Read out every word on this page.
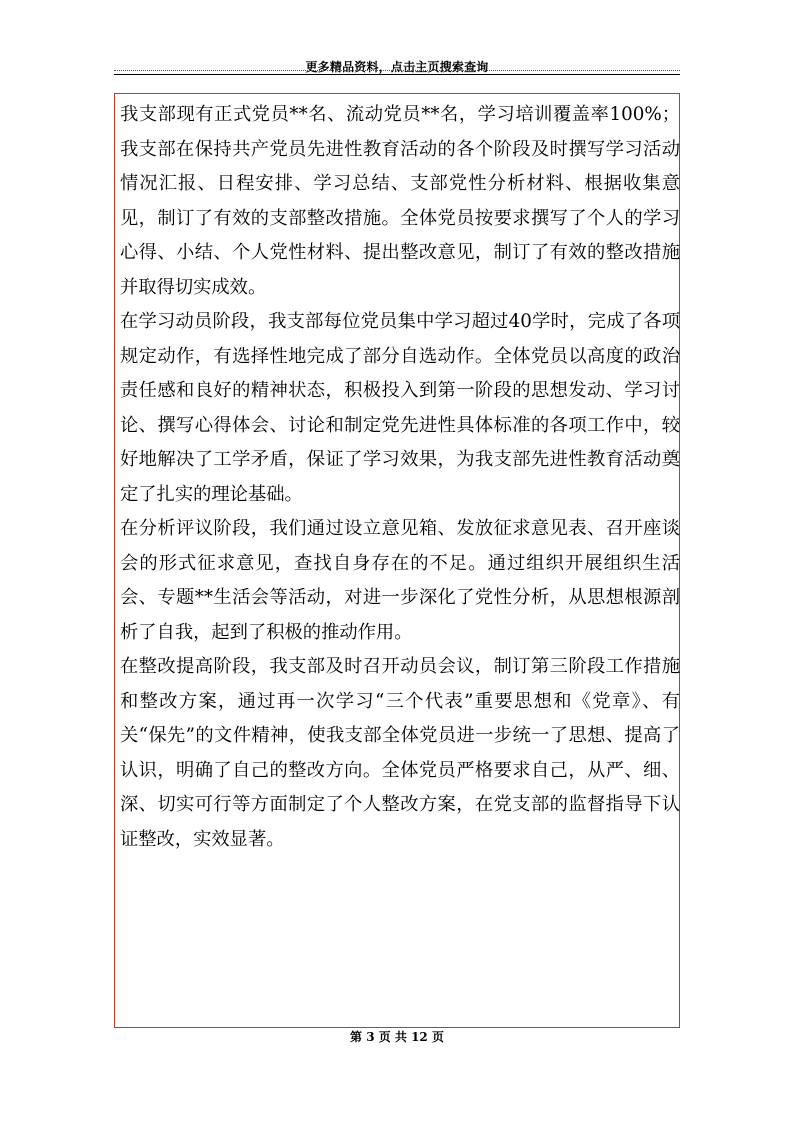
更多精品资料，点击主页搜索查询

我支部现有正式党员**名、流动党员**名，学习培训覆盖率100%；我支部在保持共产党员先进性教育活动的各个阶段及时撰写学习活动情况汇报、日程安排、学习总结、支部党性分析材料、根据收集意见，制订了有效的支部整改措施。全体党员按要求撰写了个人的学习心得、小结、个人党性材料、提出整改意见，制订了有效的整改措施并取得切实成效。

在学习动员阶段，我支部每位党员集中学习超过40学时，完成了各项规定动作，有选择性地完成了部分自选动作。全体党员以高度的政治责任感和良好的精神状态，积极投入到第一阶段的思想发动、学习讨论、撰写心得体会、讨论和制定党先进性具体标准的各项工作中，较好地解决了工学矛盾，保证了学习效果，为我支部先进性教育活动奠定了扎实的理论基础。

在分析评议阶段，我们通过设立意见箱、发放征求意见表、召开座谈会的形式征求意见，查找自身存在的不足。通过组织开展组织生活会、专题**生活会等活动，对进一步深化了党性分析，从思想根源剖析了自我，起到了积极的推动作用。

在整改提高阶段，我支部及时召开动员会议，制订第三阶段工作措施和整改方案，通过再一次学习“三个代表”重要思想和《党章》、有关“保先”的文件精神，使我支部全体党员进一步统一了思想、提高了认识，明确了自己的整改方向。全体党员严格要求自己，从严、细、深、切实可行等方面制定了个人整改方案，在党支部的监督指导下认证整改，实效显著。

第 3 页 共 12 页
